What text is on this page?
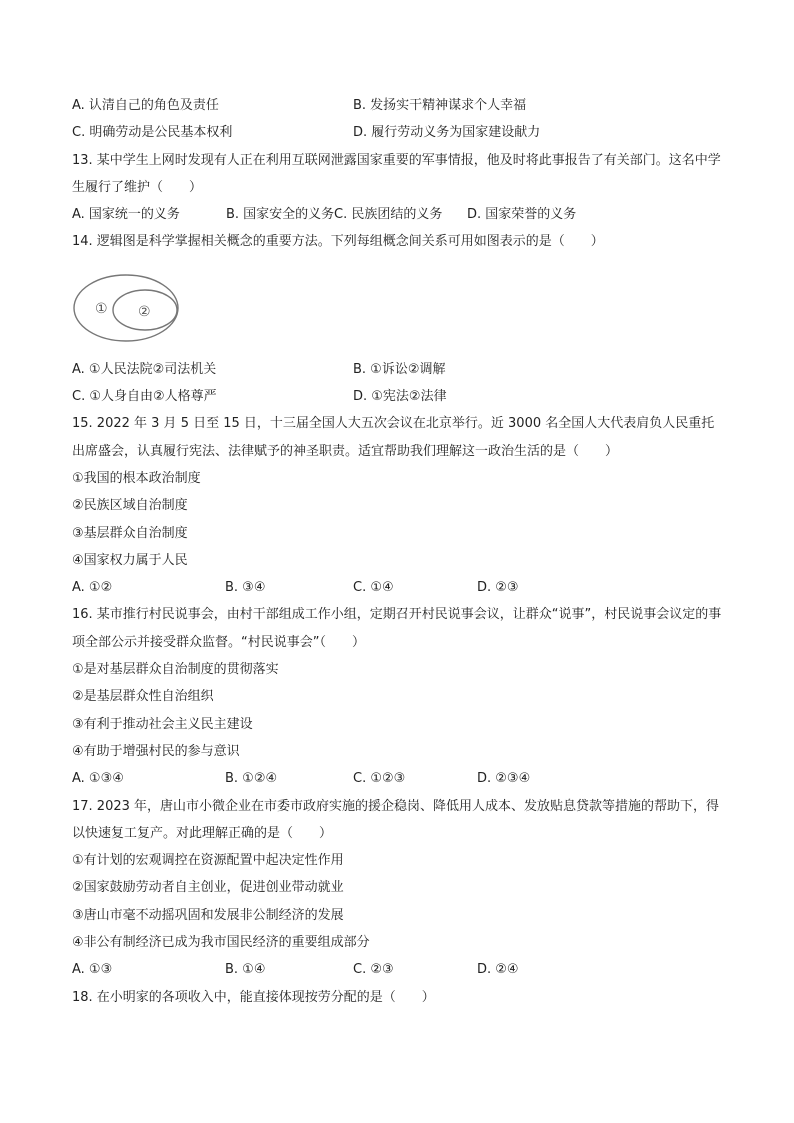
A. 认清自己的角色及责任	B. 发扬实干精神谋求个人幸福
C. 明确劳动是公民基本权利	D. 履行劳动义务为国家建设献力
13. 某中学生上网时发现有人正在利用互联网泄露国家重要的军事情报，他及时将此事报告了有关部门。这名中学生履行了维护（　　）
A. 国家统一的义务	B. 国家安全的义务 C. 民族团结的义务 D. 国家荣誉的义务
14. 逻辑图是科学掌握相关概念的重要方法。下列每组概念间关系可用如图表示的是（　　）
① ②
A. ①人民法院②司法机关	B. ①诉讼②调解
C. ①人身自由②人格尊严	D. ①宪法②法律
15. 2022 年 3 月 5 日至 15 日，十三届全国人大五次会议在北京举行。近 3000 名全国人大代表肩负人民重托出席盛会，认真履行宪法、法律赋予的神圣职责。适宜帮助我们理解这一政治生活的是（　　）
①我国的根本政治制度
②民族区域自治制度
③基层群众自治制度
④国家权力属于人民
A. ①②	B. ③④	C. ①④	D. ②③
16. 某市推行村民说事会，由村干部组成工作小组，定期召开村民说事会议，让群众“说事”，村民说事会议定的事项全部公示并接受群众监督。“村民说事会”（　　）
①是对基层群众自治制度的贯彻落实
②是基层群众性自治组织
③有利于推动社会主义民主建设
④有助于增强村民的参与意识
A. ①③④	B. ①②④	C. ①②③	D. ②③④
17. 2023 年，唐山市小微企业在市委市政府实施的援企稳岗、降低用人成本、发放贴息贷款等措施的帮助下，得以快速复工复产。对此理解正确的是（　　）
①有计划的宏观调控在资源配置中起决定性作用
②国家鼓励劳动者自主创业，促进创业带动就业
③唐山市毫不动摇巩固和发展非公制经济的发展
④非公有制经济已成为我市国民经济的重要组成部分
A. ①③	B. ①④	C. ②③	D. ②④
18. 在小明家的各项收入中，能直接体现按劳分配的是（　　）
